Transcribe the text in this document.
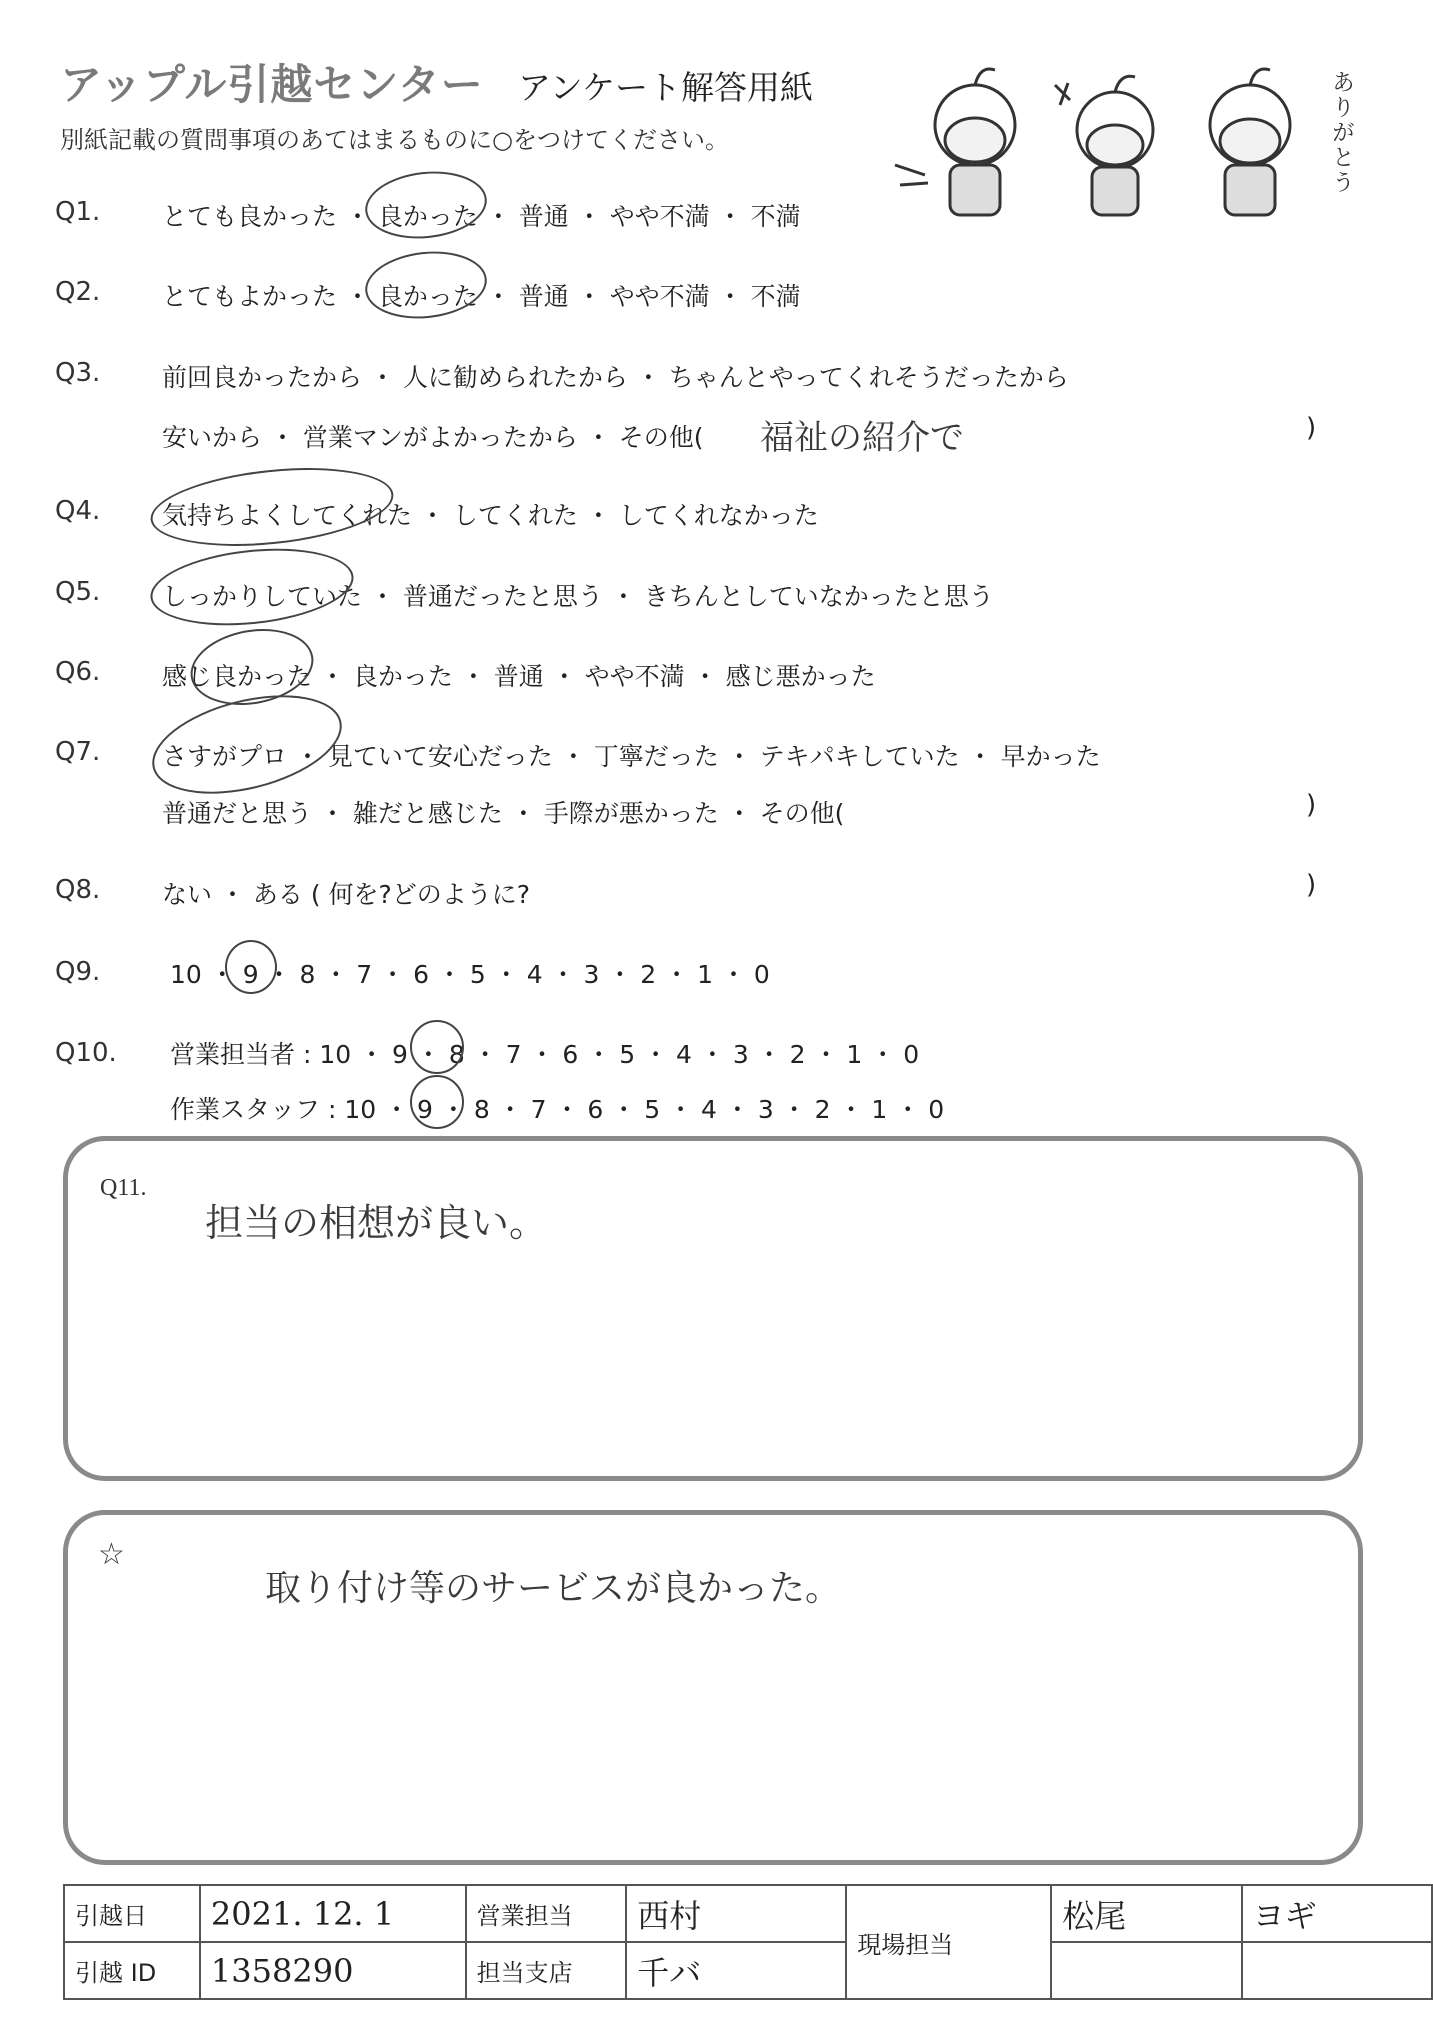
アップル引越センター アンケート解答用紙
別紙記載の質問事項のあてはまるものに○をつけてください。	ありがとう
Q1. とても良かった ・ 良かった ・ 普通 ・ やや不満 ・ 不満
Q2. とてもよかった ・ 良かった ・ 普通 ・ やや不満 ・ 不満
Q3. 前回良かったから ・ 人に勧められたから ・ ちゃんとやってくれそうだったから
安いから ・ 営業マンがよかったから ・ その他( 福祉の紹介で	)
Q4. 気持ちよくしてくれた ・ してくれた ・ してくれなかった
Q5. しっかりしていた ・ 普通だったと思う ・ きちんとしていなかったと思う
Q6. 感じ良かった ・ 良かった ・ 普通 ・ やや不満 ・ 感じ悪かった
Q7. さすがプロ ・ 見ていて安心だった ・ 丁寧だった ・ テキパキしていた ・ 早かった
普通だと思う ・ 雑だと感じた ・ 手際が悪かった ・ その他(	)
Q8. ない ・ ある ( 何を?どのように?	)
Q9.	10 ・ 9 ・ 8 ・ 7 ・ 6 ・ 5 ・ 4 ・ 3 ・ 2 ・ 1 ・ 0
Q10. 営業担当者 : 10 ・ 9 ・ 8 ・ 7 ・ 6 ・ 5 ・ 4 ・ 3 ・ 2 ・ 1 ・ 0
作業スタッフ : 10 ・ 9 ・ 8 ・ 7 ・ 6 ・ 5 ・ 4 ・ 3 ・ 2 ・ 1 ・ 0
Q11.
担当の相想が良い。
☆
取り付け等のサービスが良かった。
引越日	2021. 12. 1	営業担当	西村	現場担当	松尾	ヨギ
引越 ID	1358290	担当支店	千バ			
